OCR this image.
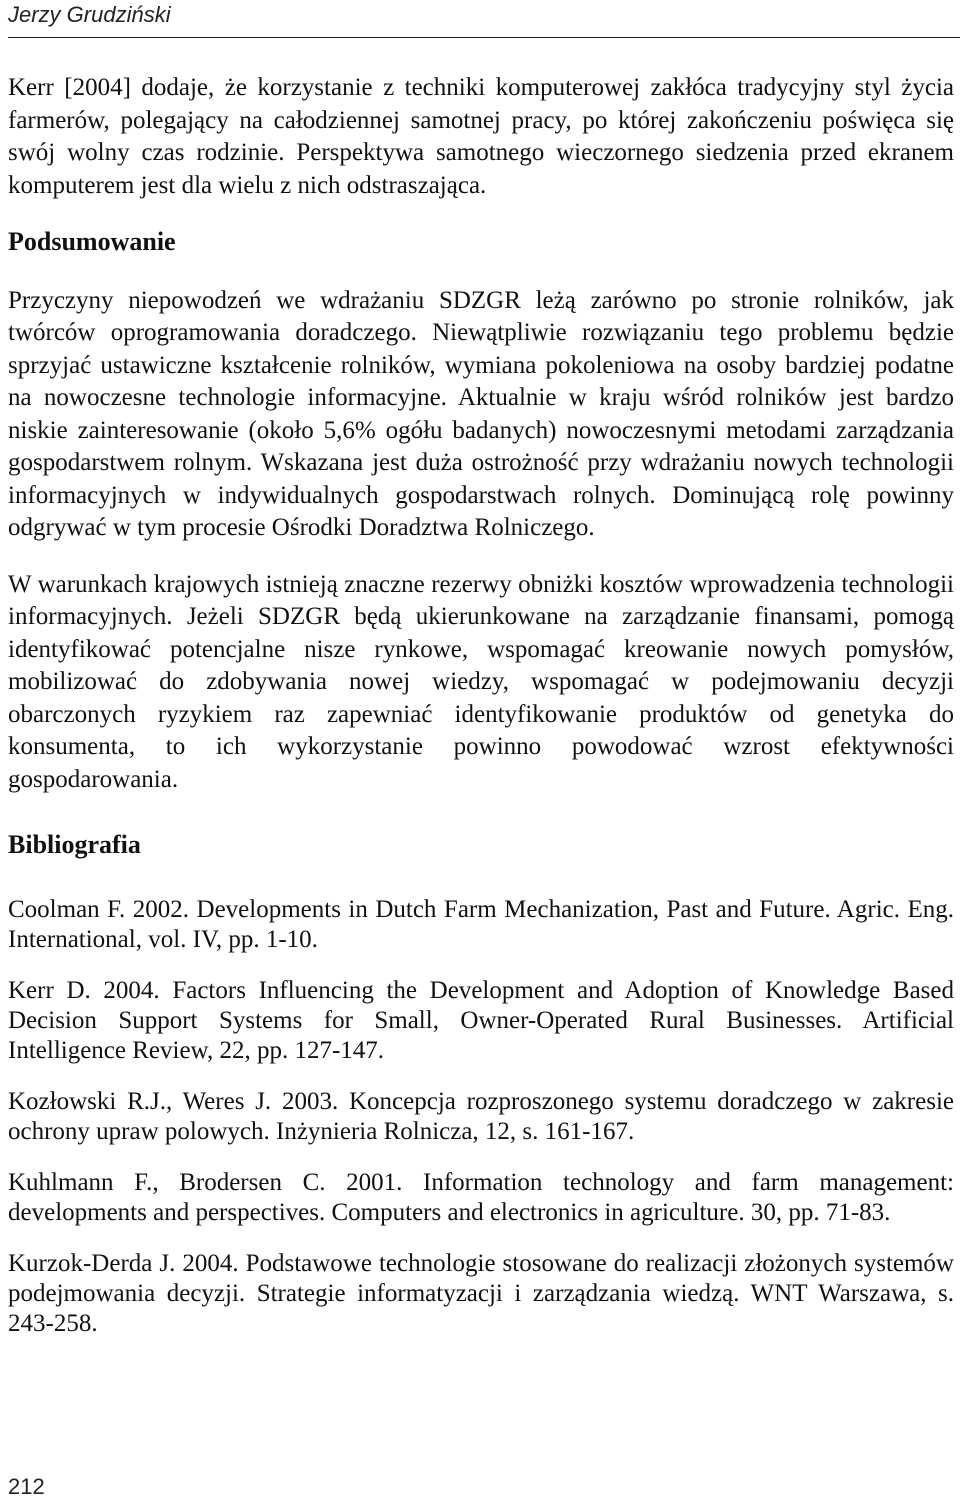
Jerzy Grudziński

Kerr [2004] dodaje, że korzystanie z techniki komputerowej zakłóca tradycyjny styl życia farmerów, polegający na całodziennej samotnej pracy, po której zakończeniu poświęca się swój wolny czas rodzinie. Perspektywa samotnego wieczornego siedzenia przed ekranem komputerem jest dla wielu z nich odstraszająca.

Podsumowanie

Przyczyny niepowodzeń we wdrażaniu SDZGR leżą zarówno po stronie rolników, jak twórców oprogramowania doradczego. Niewątpliwie rozwiązaniu tego problemu będzie sprzyjać ustawiczne kształcenie rolników, wymiana pokoleniowa na osoby bardziej podatne na nowoczesne technologie informacyjne. Aktualnie w kraju wśród rolników jest bardzo niskie zainteresowanie (około 5,6% ogółu badanych) nowoczesnymi metodami zarządzania gospodarstwem rolnym. Wskazana jest duża ostrożność przy wdrażaniu nowych technologii informacyjnych w indywidualnych gospodarstwach rolnych. Dominującą rolę powinny odgrywać w tym procesie Ośrodki Doradztwa Rolniczego.

W warunkach krajowych istnieją znaczne rezerwy obniżki kosztów wprowadzenia technologii informacyjnych. Jeżeli SDZGR będą ukierunkowane na zarządzanie finansami, pomogą identyfikować potencjalne nisze rynkowe, wspomagać kreowanie nowych pomysłów, mobilizować do zdobywania nowej wiedzy, wspomagać w podejmowaniu decyzji obarczonych ryzykiem raz zapewniać identyfikowanie produktów od genetyka do konsumenta, to ich wykorzystanie powinno powodować wzrost efektywności gospodarowania.

Bibliografia

Coolman F. 2002. Developments in Dutch Farm Mechanization, Past and Future. Agric. Eng. International, vol. IV, pp. 1-10.

Kerr D. 2004. Factors Influencing the Development and Adoption of Knowledge Based Decision Support Systems for Small, Owner-Operated Rural Businesses. Artificial Intelligence Review, 22, pp. 127-147.

Kozłowski R.J., Weres J. 2003. Koncepcja rozproszonego systemu doradczego w zakresie ochrony upraw polowych. Inżynieria Rolnicza, 12, s. 161-167.

Kuhlmann F., Brodersen C. 2001. Information technology and farm management: developments and perspectives. Computers and electronics in agriculture. 30, pp. 71-83.

Kurzok-Derda J. 2004. Podstawowe technologie stosowane do realizacji złożonych systemów podejmowania decyzji. Strategie informatyzacji i zarządzania wiedzą. WNT Warszawa, s. 243-258.

212
